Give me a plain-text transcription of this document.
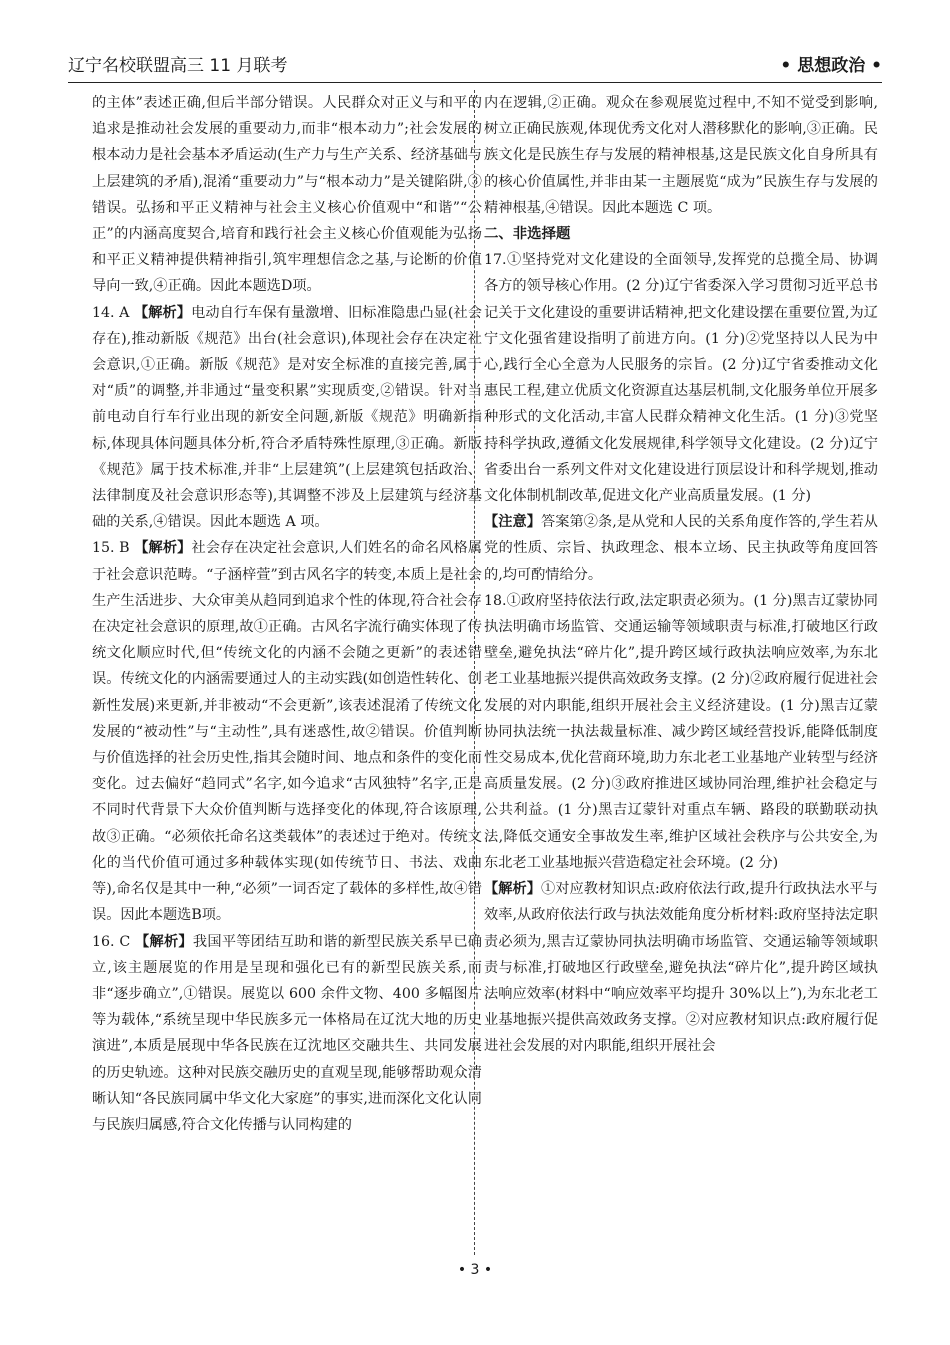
辽宁名校联盟高三 11 月联考	• 思想政治 •

的主体”表述正确,但后半部分错误。人民群众对正义与和平的追求是推动社会发展的重要动力,而非“根本动力”;社会发展的根本动力是社会基本矛盾运动(生产力与生产关系、经济基础与上层建筑的矛盾),混淆“重要动力”与“根本动力”是关键陷阱,③错误。弘扬和平正义精神与社会主义核心价值观中“和谐”“公正”的内涵高度契合,培育和践行社会主义核心价值观能为弘扬和平正义精神提供精神指引,筑牢理想信念之基,与论断的价值导向一致,④正确。因此本题选D项。

14. A 【解析】电动自行车保有量激增、旧标准隐患凸显(社会存在),推动新版《规范》出台(社会意识),体现社会存在决定社会意识,①正确。新版《规范》是对安全标准的直接完善,属于对“质”的调整,并非通过“量变积累”实现质变,②错误。针对当前电动自行车行业出现的新安全问题,新版《规范》明确新指标,体现具体问题具体分析,符合矛盾特殊性原理,③正确。新版《规范》属于技术标准,并非“上层建筑”(上层建筑包括政治、法律制度及社会意识形态等),其调整不涉及上层建筑与经济基础的关系,④错误。因此本题选 A 项。

15. B 【解析】社会存在决定社会意识,人们姓名的命名风格属于社会意识范畴。“子涵梓萱”到古风名字的转变,本质上是社会生产生活进步、大众审美从趋同到追求个性的体现,符合社会存在决定社会意识的原理,故①正确。古风名字流行确实体现了传统文化顺应时代,但“传统文化的内涵不会随之更新”的表述错误。传统文化的内涵需要通过人的主动实践(如创造性转化、创新性发展)来更新,并非被动“不会更新”,该表述混淆了传统文化发展的“被动性”与“主动性”,具有迷惑性,故②错误。价值判断与价值选择的社会历史性,指其会随时间、地点和条件的变化而变化。过去偏好“趋同式”名字,如今追求“古风独特”名字,正是不同时代背景下大众价值判断与选择变化的体现,符合该原理,故③正确。“必须依托命名这类载体”的表述过于绝对。传统文化的当代价值可通过多种载体实现(如传统节日、书法、戏曲等),命名仅是其中一种,“必须”一词否定了载体的多样性,故④错误。因此本题选B项。

16. C 【解析】我国平等团结互助和谐的新型民族关系早已确立,该主题展览的作用是呈现和强化已有的新型民族关系,而非“逐步确立”,①错误。展览以 600 余件文物、400 多幅图片等为载体,“系统呈现中华民族多元一体格局在辽沈大地的历史演进”,本质是展现中华各民族在辽沈地区交融共生、共同发展的历史轨迹。这种对民族交融历史的直观呈现,能够帮助观众清晰认知“各民族同属中华文化大家庭”的事实,进而深化文化认同与民族归属感,符合文化传播与认同构建的

内在逻辑,②正确。观众在参观展览过程中,不知不觉受到影响,树立正确民族观,体现优秀文化对人潜移默化的影响,③正确。民族文化是民族生存与发展的精神根基,这是民族文化自身所具有的核心价值属性,并非由某一主题展览“成为”民族生存与发展的精神根基,④错误。因此本题选 C 项。

二、非选择题

17.①坚持党对文化建设的全面领导,发挥党的总揽全局、协调各方的领导核心作用。(2 分)辽宁省委深入学习贯彻习近平总书记关于文化建设的重要讲话精神,把文化建设摆在重要位置,为辽宁文化强省建设指明了前进方向。(1 分)②党坚持以人民为中心,践行全心全意为人民服务的宗旨。(2 分)辽宁省委推动文化惠民工程,建立优质文化资源直达基层机制,文化服务单位开展多种形式的文化活动,丰富人民群众精神文化生活。(1 分)③党坚持科学执政,遵循文化发展规律,科学领导文化建设。(2 分)辽宁省委出台一系列文件对文化建设进行顶层设计和科学规划,推动文化体制机制改革,促进文化产业高质量发展。(1 分)

【注意】答案第②条,是从党和人民的关系角度作答的,学生若从党的性质、宗旨、执政理念、根本立场、民主执政等角度回答的,均可酌情给分。

18.①政府坚持依法行政,法定职责必须为。(1 分)黑吉辽蒙协同执法明确市场监管、交通运输等领域职责与标准,打破地区行政壁垒,避免执法“碎片化”,提升跨区域行政执法响应效率,为东北老工业基地振兴提供高效政务支撑。(2 分)②政府履行促进社会发展的对内职能,组织开展社会主义经济建设。(1 分)黑吉辽蒙协同执法统一执法裁量标准、减少跨区域经营投诉,能降低制度性交易成本,优化营商环境,助力东北老工业基地产业转型与经济高质量发展。(2 分)③政府推进区域协同治理,维护社会稳定与公共利益。(1 分)黑吉辽蒙针对重点车辆、路段的联勤联动执法,降低交通安全事故发生率,维护区域社会秩序与公共安全,为东北老工业基地振兴营造稳定社会环境。(2 分)

【解析】①对应教材知识点:政府依法行政,提升行政执法水平与效率,从政府依法行政与执法效能角度分析材料:政府坚持法定职责必须为,黑吉辽蒙协同执法明确市场监管、交通运输等领域职责与标准,打破地区行政壁垒,避免执法“碎片化”,提升跨区域执法响应效率(材料中“响应效率平均提升 30%以上”),为东北老工业基地振兴提供高效政务支撑。②对应教材知识点:政府履行促进社会发展的对内职能,组织开展社会

• 3 •
